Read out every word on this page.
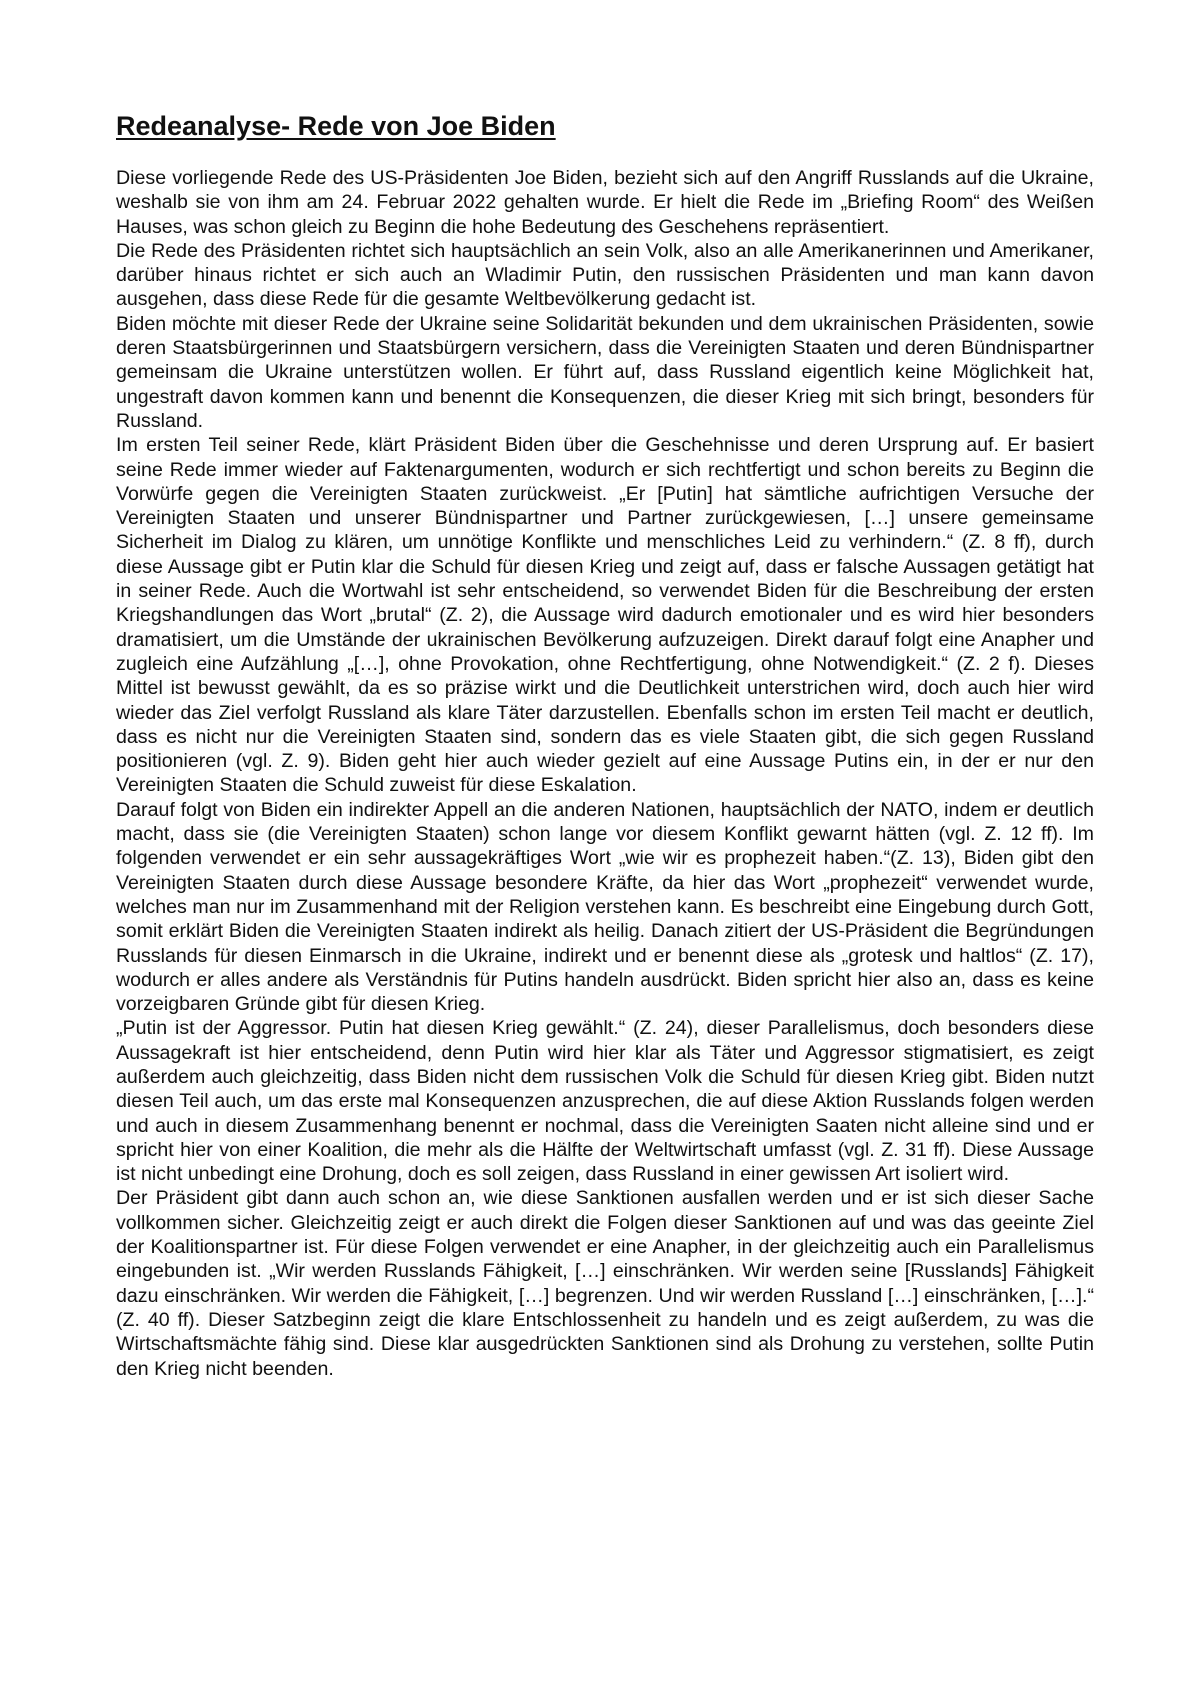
Redeanalyse- Rede von Joe Biden

Diese vorliegende Rede des US-Präsidenten Joe Biden, bezieht sich auf den Angriff Russlands auf die Ukraine, weshalb sie von ihm am 24. Februar 2022 gehalten wurde. Er hielt die Rede im „Briefing Room“ des Weißen Hauses, was schon gleich zu Beginn die hohe Bedeutung des Geschehens repräsentiert.

Die Rede des Präsidenten richtet sich hauptsächlich an sein Volk, also an alle Amerikanerinnen und Amerikaner, darüber hinaus richtet er sich auch an Wladimir Putin, den russischen Präsidenten und man kann davon ausgehen, dass diese Rede für die gesamte Weltbevölkerung gedacht ist.

Biden möchte mit dieser Rede der Ukraine seine Solidarität bekunden und dem ukrainischen Präsidenten, sowie deren Staatsbürgerinnen und Staatsbürgern versichern, dass die Vereinigten Staaten und deren Bündnispartner gemeinsam die Ukraine unterstützen wollen. Er führt auf, dass Russland eigentlich keine Möglichkeit hat, ungestraft davon kommen kann und benennt die Konsequenzen, die dieser Krieg mit sich bringt, besonders für Russland.

Im ersten Teil seiner Rede, klärt Präsident Biden über die Geschehnisse und deren Ursprung auf. Er basiert seine Rede immer wieder auf Faktenargumenten, wodurch er sich rechtfertigt und schon bereits zu Beginn die Vorwürfe gegen die Vereinigten Staaten zurückweist. „Er [Putin] hat sämtliche aufrichtigen Versuche der Vereinigten Staaten und unserer Bündnispartner und Partner zurückgewiesen, […] unsere gemeinsame Sicherheit im Dialog zu klären, um unnötige Konflikte und menschliches Leid zu verhindern.“ (Z. 8 ff), durch diese Aussage gibt er Putin klar die Schuld für diesen Krieg und zeigt auf, dass er falsche Aussagen getätigt hat in seiner Rede. Auch die Wortwahl ist sehr entscheidend, so verwendet Biden für die Beschreibung der ersten Kriegshandlungen das Wort „brutal“ (Z. 2), die Aussage wird dadurch emotionaler und es wird hier besonders dramatisiert, um die Umstände der ukrainischen Bevölkerung aufzuzeigen. Direkt darauf folgt eine Anapher und zugleich eine Aufzählung „[…], ohne Provokation, ohne Rechtfertigung, ohne Notwendigkeit.“ (Z. 2 f). Dieses Mittel ist bewusst gewählt, da es so präzise wirkt und die Deutlichkeit unterstrichen wird, doch auch hier wird wieder das Ziel verfolgt Russland als klare Täter darzustellen. Ebenfalls schon im ersten Teil macht er deutlich, dass es nicht nur die Vereinigten Staaten sind, sondern das es viele Staaten gibt, die sich gegen Russland positionieren (vgl. Z. 9). Biden geht hier auch wieder gezielt auf eine Aussage Putins ein, in der er nur den Vereinigten Staaten die Schuld zuweist für diese Eskalation.

Darauf folgt von Biden ein indirekter Appell an die anderen Nationen, hauptsächlich der NATO, indem er deutlich macht, dass sie (die Vereinigten Staaten) schon lange vor diesem Konflikt gewarnt hätten (vgl. Z. 12 ff). Im folgenden verwendet er ein sehr aussagekräftiges Wort „wie wir es prophezeit haben.“(Z. 13), Biden gibt den Vereinigten Staaten durch diese Aussage besondere Kräfte, da hier das Wort „prophezeit“ verwendet wurde, welches man nur im Zusammenhand mit der Religion verstehen kann. Es beschreibt eine Eingebung durch Gott, somit erklärt Biden die Vereinigten Staaten indirekt als heilig. Danach zitiert der US-Präsident die Begründungen Russlands für diesen Einmarsch in die Ukraine, indirekt und er benennt diese als „grotesk und haltlos“ (Z. 17), wodurch er alles andere als Verständnis für Putins handeln ausdrückt. Biden spricht hier also an, dass es keine vorzeigbaren Gründe gibt für diesen Krieg.

„Putin ist der Aggressor. Putin hat diesen Krieg gewählt.“ (Z. 24), dieser Parallelismus, doch besonders diese Aussagekraft ist hier entscheidend, denn Putin wird hier klar als Täter und Aggressor stigmatisiert, es zeigt außerdem auch gleichzeitig, dass Biden nicht dem russischen Volk die Schuld für diesen Krieg gibt. Biden nutzt diesen Teil auch, um das erste mal Konsequenzen anzusprechen, die auf diese Aktion Russlands folgen werden und auch in diesem Zusammenhang benennt er nochmal, dass die Vereinigten Saaten nicht alleine sind und er spricht hier von einer Koalition, die mehr als die Hälfte der Weltwirtschaft umfasst (vgl. Z. 31 ff). Diese Aussage ist nicht unbedingt eine Drohung, doch es soll zeigen, dass Russland in einer gewissen Art isoliert wird.

Der Präsident gibt dann auch schon an, wie diese Sanktionen ausfallen werden und er ist sich dieser Sache vollkommen sicher. Gleichzeitig zeigt er auch direkt die Folgen dieser Sanktionen auf und was das geeinte Ziel der Koalitionspartner ist. Für diese Folgen verwendet er eine Anapher, in der gleichzeitig auch ein Parallelismus eingebunden ist. „Wir werden Russlands Fähigkeit, […] einschränken. Wir werden seine [Russlands] Fähigkeit dazu einschränken. Wir werden die Fähigkeit, […] begrenzen. Und wir werden Russland […] einschränken, […].“ (Z. 40 ff). Dieser Satzbeginn zeigt die klare Entschlossenheit zu handeln und es zeigt außerdem, zu was die Wirtschaftsmächte fähig sind. Diese klar ausgedrückten Sanktionen sind als Drohung zu verstehen, sollte Putin den Krieg nicht beenden.
